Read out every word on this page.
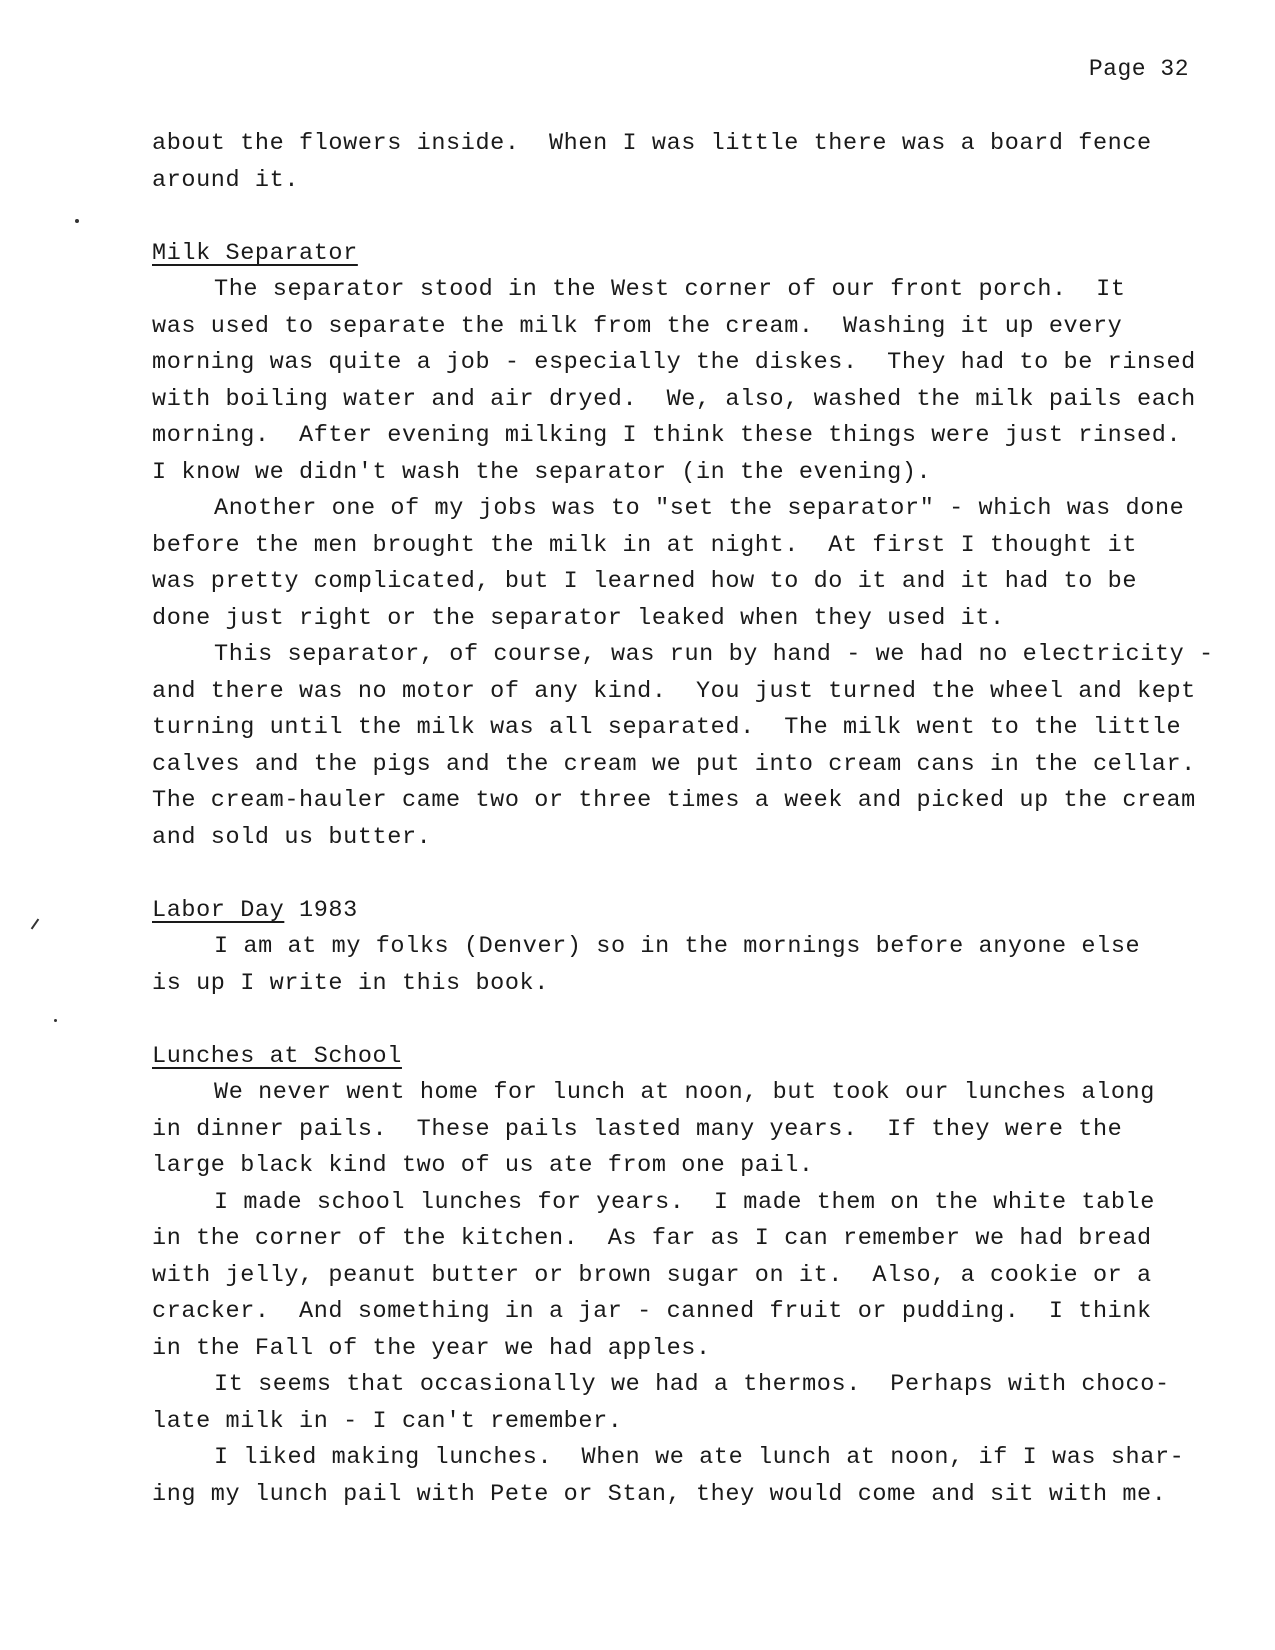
Page 32
about the flowers inside.  When I was little there was a board fence
around it.
Milk Separator
The separator stood in the West corner of our front porch.  It
was used to separate the milk from the cream.  Washing it up every
morning was quite a job - especially the diskes.  They had to be rinsed
with boiling water and air dryed.  We, also, washed the milk pails each
morning.  After evening milking I think these things were just rinsed.
I know we didn't wash the separator (in the evening).
Another one of my jobs was to "set the separator" - which was done
before the men brought the milk in at night.  At first I thought it
was pretty complicated, but I learned how to do it and it had to be
done just right or the separator leaked when they used it.
This separator, of course, was run by hand - we had no electricity -
and there was no motor of any kind.  You just turned the wheel and kept
turning until the milk was all separated.  The milk went to the little
calves and the pigs and the cream we put into cream cans in the cellar.
The cream-hauler came two or three times a week and picked up the cream
and sold us butter.
Labor Day 1983
I am at my folks (Denver) so in the mornings before anyone else
is up I write in this book.
Lunches at School
We never went home for lunch at noon, but took our lunches along
in dinner pails.  These pails lasted many years.  If they were the
large black kind two of us ate from one pail.
I made school lunches for years.  I made them on the white table
in the corner of the kitchen.  As far as I can remember we had bread
with jelly, peanut butter or brown sugar on it.  Also, a cookie or a
cracker.  And something in a jar - canned fruit or pudding.  I think
in the Fall of the year we had apples.
It seems that occasionally we had a thermos.  Perhaps with choco-
late milk in - I can't remember.
I liked making lunches.  When we ate lunch at noon, if I was shar-
ing my lunch pail with Pete or Stan, they would come and sit with me.
